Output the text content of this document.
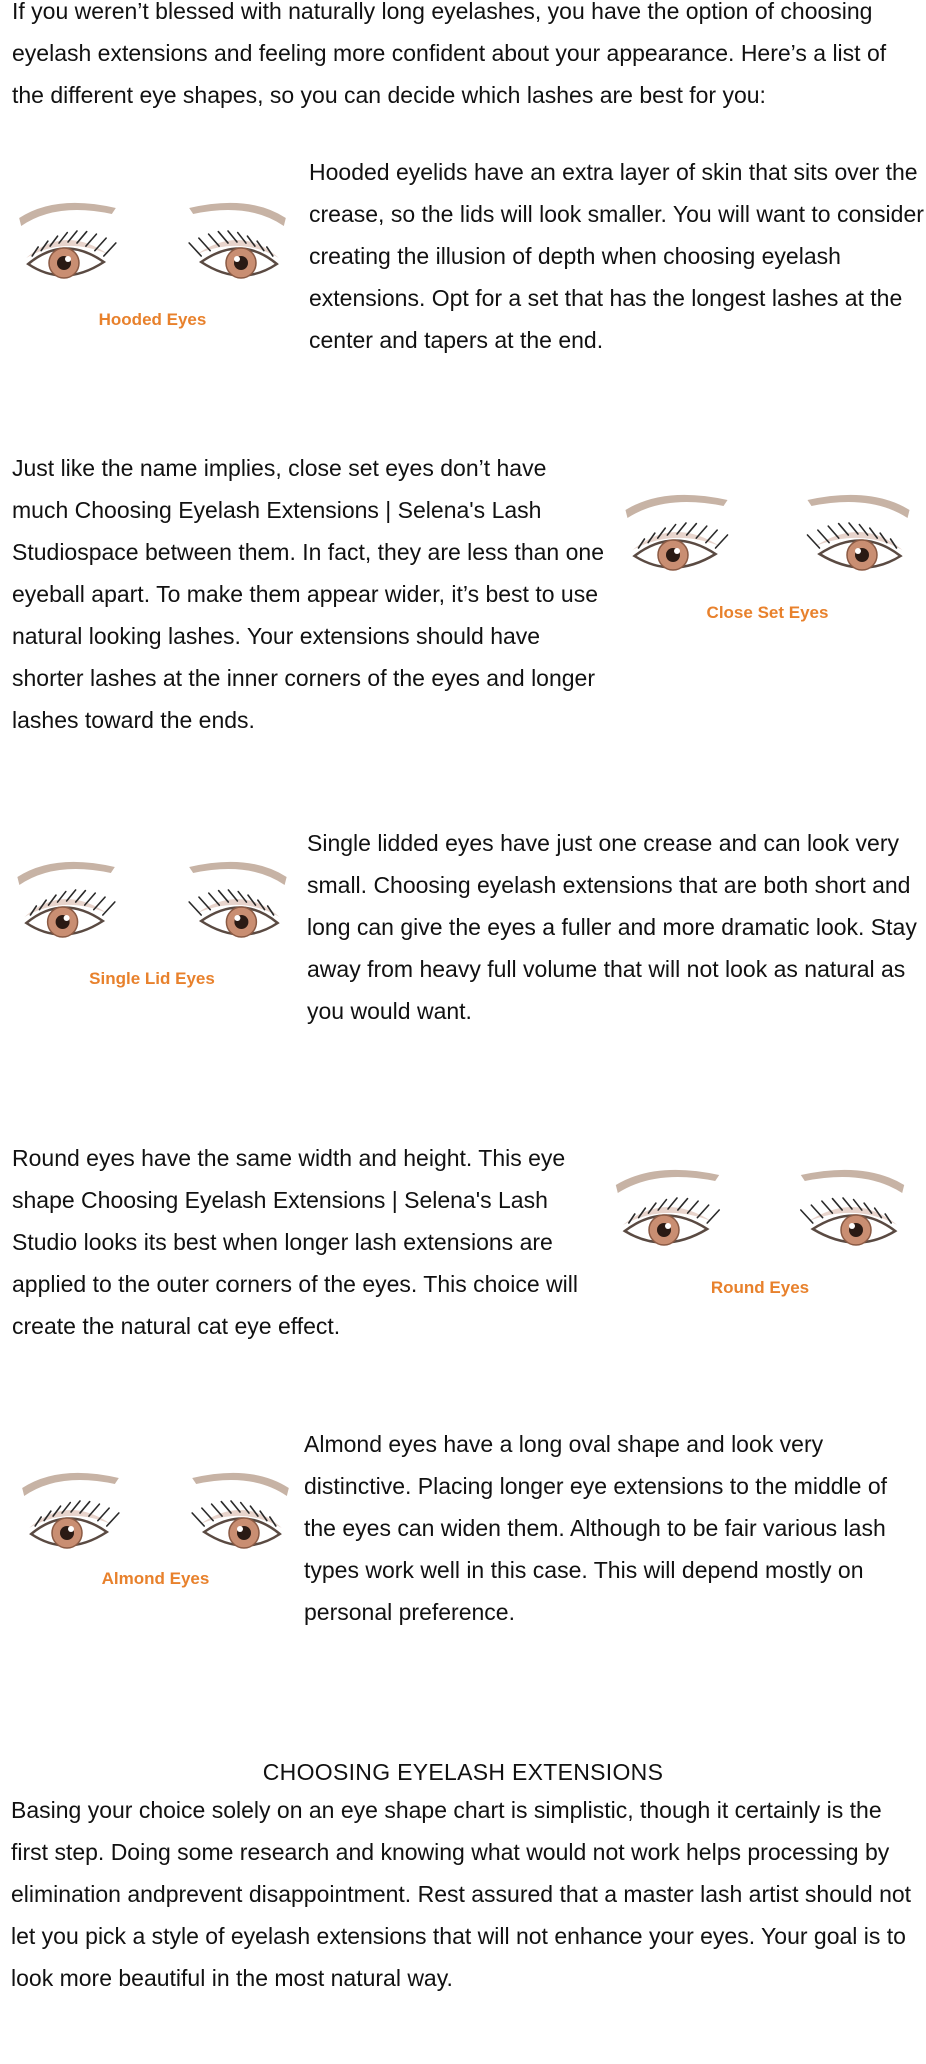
If you weren’t blessed with naturally long eyelashes, you have the option of choosing eyelash extensions and feeling more confident about your appearance. Here’s a list of the different eye shapes, so you can decide which lashes are best for you:

Hooded Eyes

Hooded eyelids have an extra layer of skin that sits over the crease, so the lids will look smaller. You will want to consider creating the illusion of depth when choosing eyelash extensions. Opt for a set that has the longest lashes at the center and tapers at the end.

Just like the name implies, close set eyes don’t have much Choosing Eyelash Extensions | Selena's Lash Studiospace between them. In fact, they are less than one eyeball apart. To make them appear wider, it’s best to use natural looking lashes. Your extensions should have shorter lashes at the inner corners of the eyes and longer lashes toward the ends.

Close Set Eyes
Single Lid Eyes

Single lidded eyes have just one crease and can look very small. Choosing eyelash extensions that are both short and long can give the eyes a fuller and more dramatic look. Stay away from heavy full volume that will not look as natural as you would want.

Round eyes have the same width and height. This eye shape Choosing Eyelash Extensions | Selena's Lash Studio looks its best when longer lash extensions are applied to the outer corners of the eyes. This choice will create the natural cat eye effect.

Round Eyes
Almond Eyes

Almond eyes have a long oval shape and look very distinctive. Placing longer eye extensions to the middle of the eyes can widen them. Although to be fair various lash types work well in this case. This will depend mostly on personal preference.

CHOOSING EYELASH EXTENSIONS

Basing your choice solely on an eye shape chart is simplistic, though it certainly is the first step. Doing some research and knowing what would not work helps processing by elimination andprevent disappointment. Rest assured that a master lash artist should not let you pick a style of eyelash extensions that will not enhance your eyes. Your goal is to look more beautiful in the most natural way.
